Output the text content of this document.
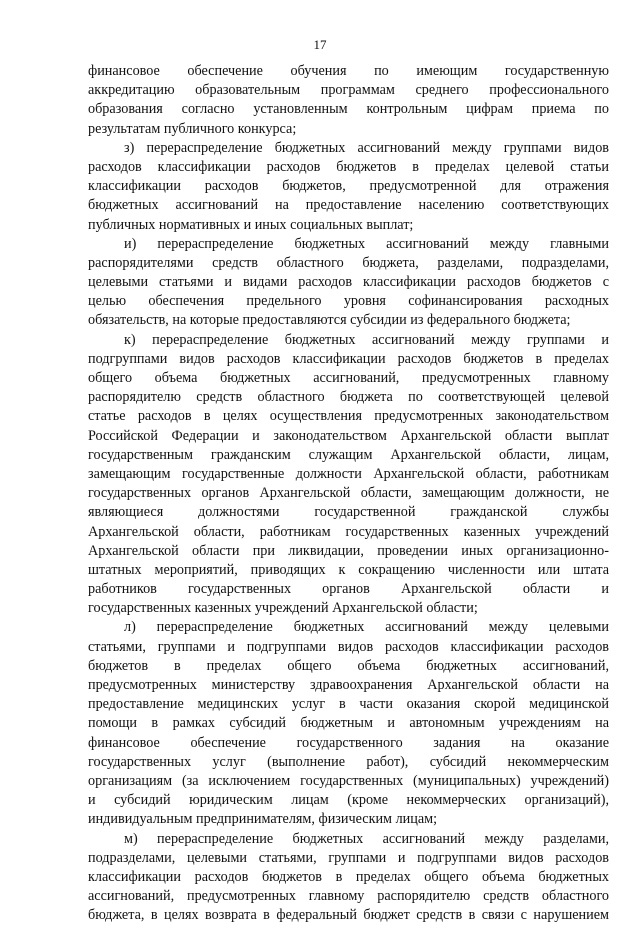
17
финансовое обеспечение обучения по имеющим государственную
аккредитацию образовательным программам среднего профессионального
образования согласно установленным контрольным цифрам приема по
результатам публичного конкурса;
з) перераспределение бюджетных ассигнований между группами видов
расходов классификации расходов бюджетов в пределах целевой статьи
классификации расходов бюджетов, предусмотренной для отражения
бюджетных ассигнований на предоставление населению соответствующих
публичных нормативных и иных социальных выплат;
и) перераспределение бюджетных ассигнований между главными
распорядителями средств областного бюджета, разделами, подразделами,
целевыми статьями и видами расходов классификации расходов бюджетов с
целью обеспечения предельного уровня софинансирования расходных
обязательств, на которые предоставляются субсидии из федерального бюджета;
к) перераспределение бюджетных ассигнований между группами и
подгруппами видов расходов классификации расходов бюджетов в пределах
общего объема бюджетных ассигнований, предусмотренных главному
распорядителю средств областного бюджета по соответствующей целевой
статье расходов в целях осуществления предусмотренных законодательством
Российской Федерации и законодательством Архангельской области выплат
государственным гражданским служащим Архангельской области, лицам,
замещающим государственные должности Архангельской области, работникам
государственных органов Архангельской области, замещающим должности, не
являющиеся должностями государственной гражданской службы
Архангельской области, работникам государственных казенных учреждений
Архангельской области при ликвидации, проведении иных организационно-
штатных мероприятий, приводящих к сокращению численности или штата
работников государственных органов Архангельской области и
государственных казенных учреждений Архангельской области;
л) перераспределение бюджетных ассигнований между целевыми
статьями, группами и подгруппами видов расходов классификации расходов
бюджетов в пределах общего объема бюджетных ассигнований,
предусмотренных министерству здравоохранения Архангельской области на
предоставление медицинских услуг в части оказания скорой медицинской
помощи в рамках субсидий бюджетным и автономным учреждениям на
финансовое обеспечение государственного задания на оказание
государственных услуг (выполнение работ), субсидий некоммерческим
организациям (за исключением государственных (муниципальных) учреждений)
и субсидий юридическим лицам (кроме некоммерческих организаций),
индивидуальным предпринимателям, физическим лицам;
м) перераспределение бюджетных ассигнований между разделами,
подразделами, целевыми статьями, группами и подгруппами видов расходов
классификации расходов бюджетов в пределах общего объема бюджетных
ассигнований, предусмотренных главному распорядителю средств областного
бюджета, в целях возврата в федеральный бюджет средств в связи с нарушением
